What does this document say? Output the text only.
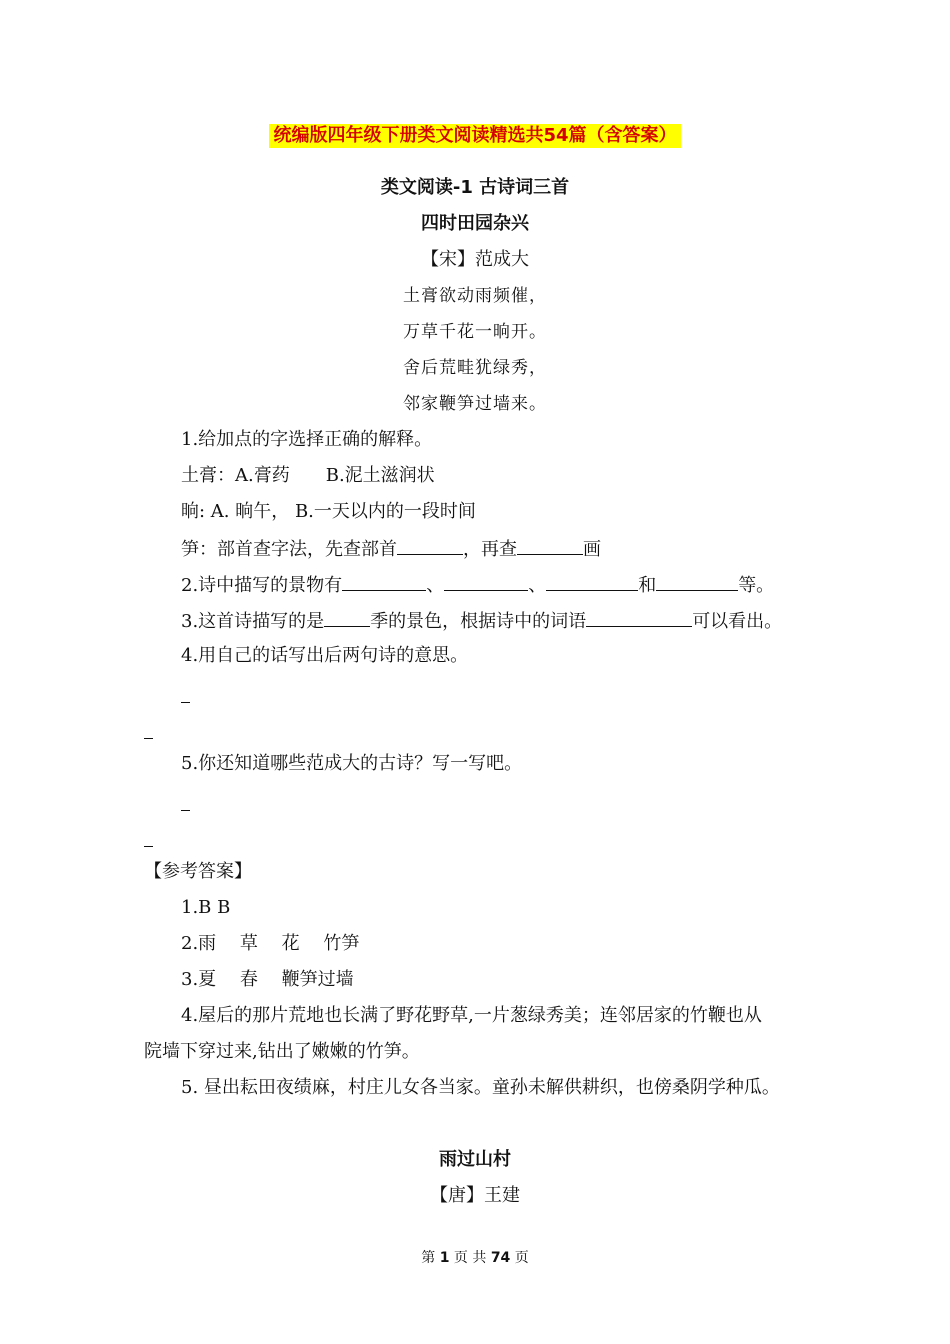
统编版四年级下册类文阅读精选共54篇（含答案）
类文阅读-1 古诗词三首
四时田园杂兴
【宋】范成大
土膏欲动雨频催，
万草千花一晌开。
舍后荒畦犹绿秀，
邻家鞭笋过墙来。
1.给加点的字选择正确的解释。
土膏：A.膏药　　B.泥土滋润状
晌: A. 晌午， B.一天以内的一段时间
笋：部首查字法，先查部首	，再查	画
2.诗中描写的景物有	、	、	和	等。
3.这首诗描写的是	季的景色，根据诗中的词语	可以看出。
4.用自己的话写出后两句诗的意思。
5.你还知道哪些范成大的古诗？写一写吧。
【参考答案】
1.B B
2.雨　 草　 花　 竹笋
3.夏　 春　 鞭笋过墙
4.屋后的那片荒地也长满了野花野草,一片葱绿秀美；连邻居家的竹鞭也从
院墙下穿过来,钻出了嫩嫩的竹笋。
5. 昼出耘田夜绩麻，村庄儿女各当家。童孙未解供耕织，也傍桑阴学种瓜。
雨过山村
【唐】王建
第 1 页 共 74 页
